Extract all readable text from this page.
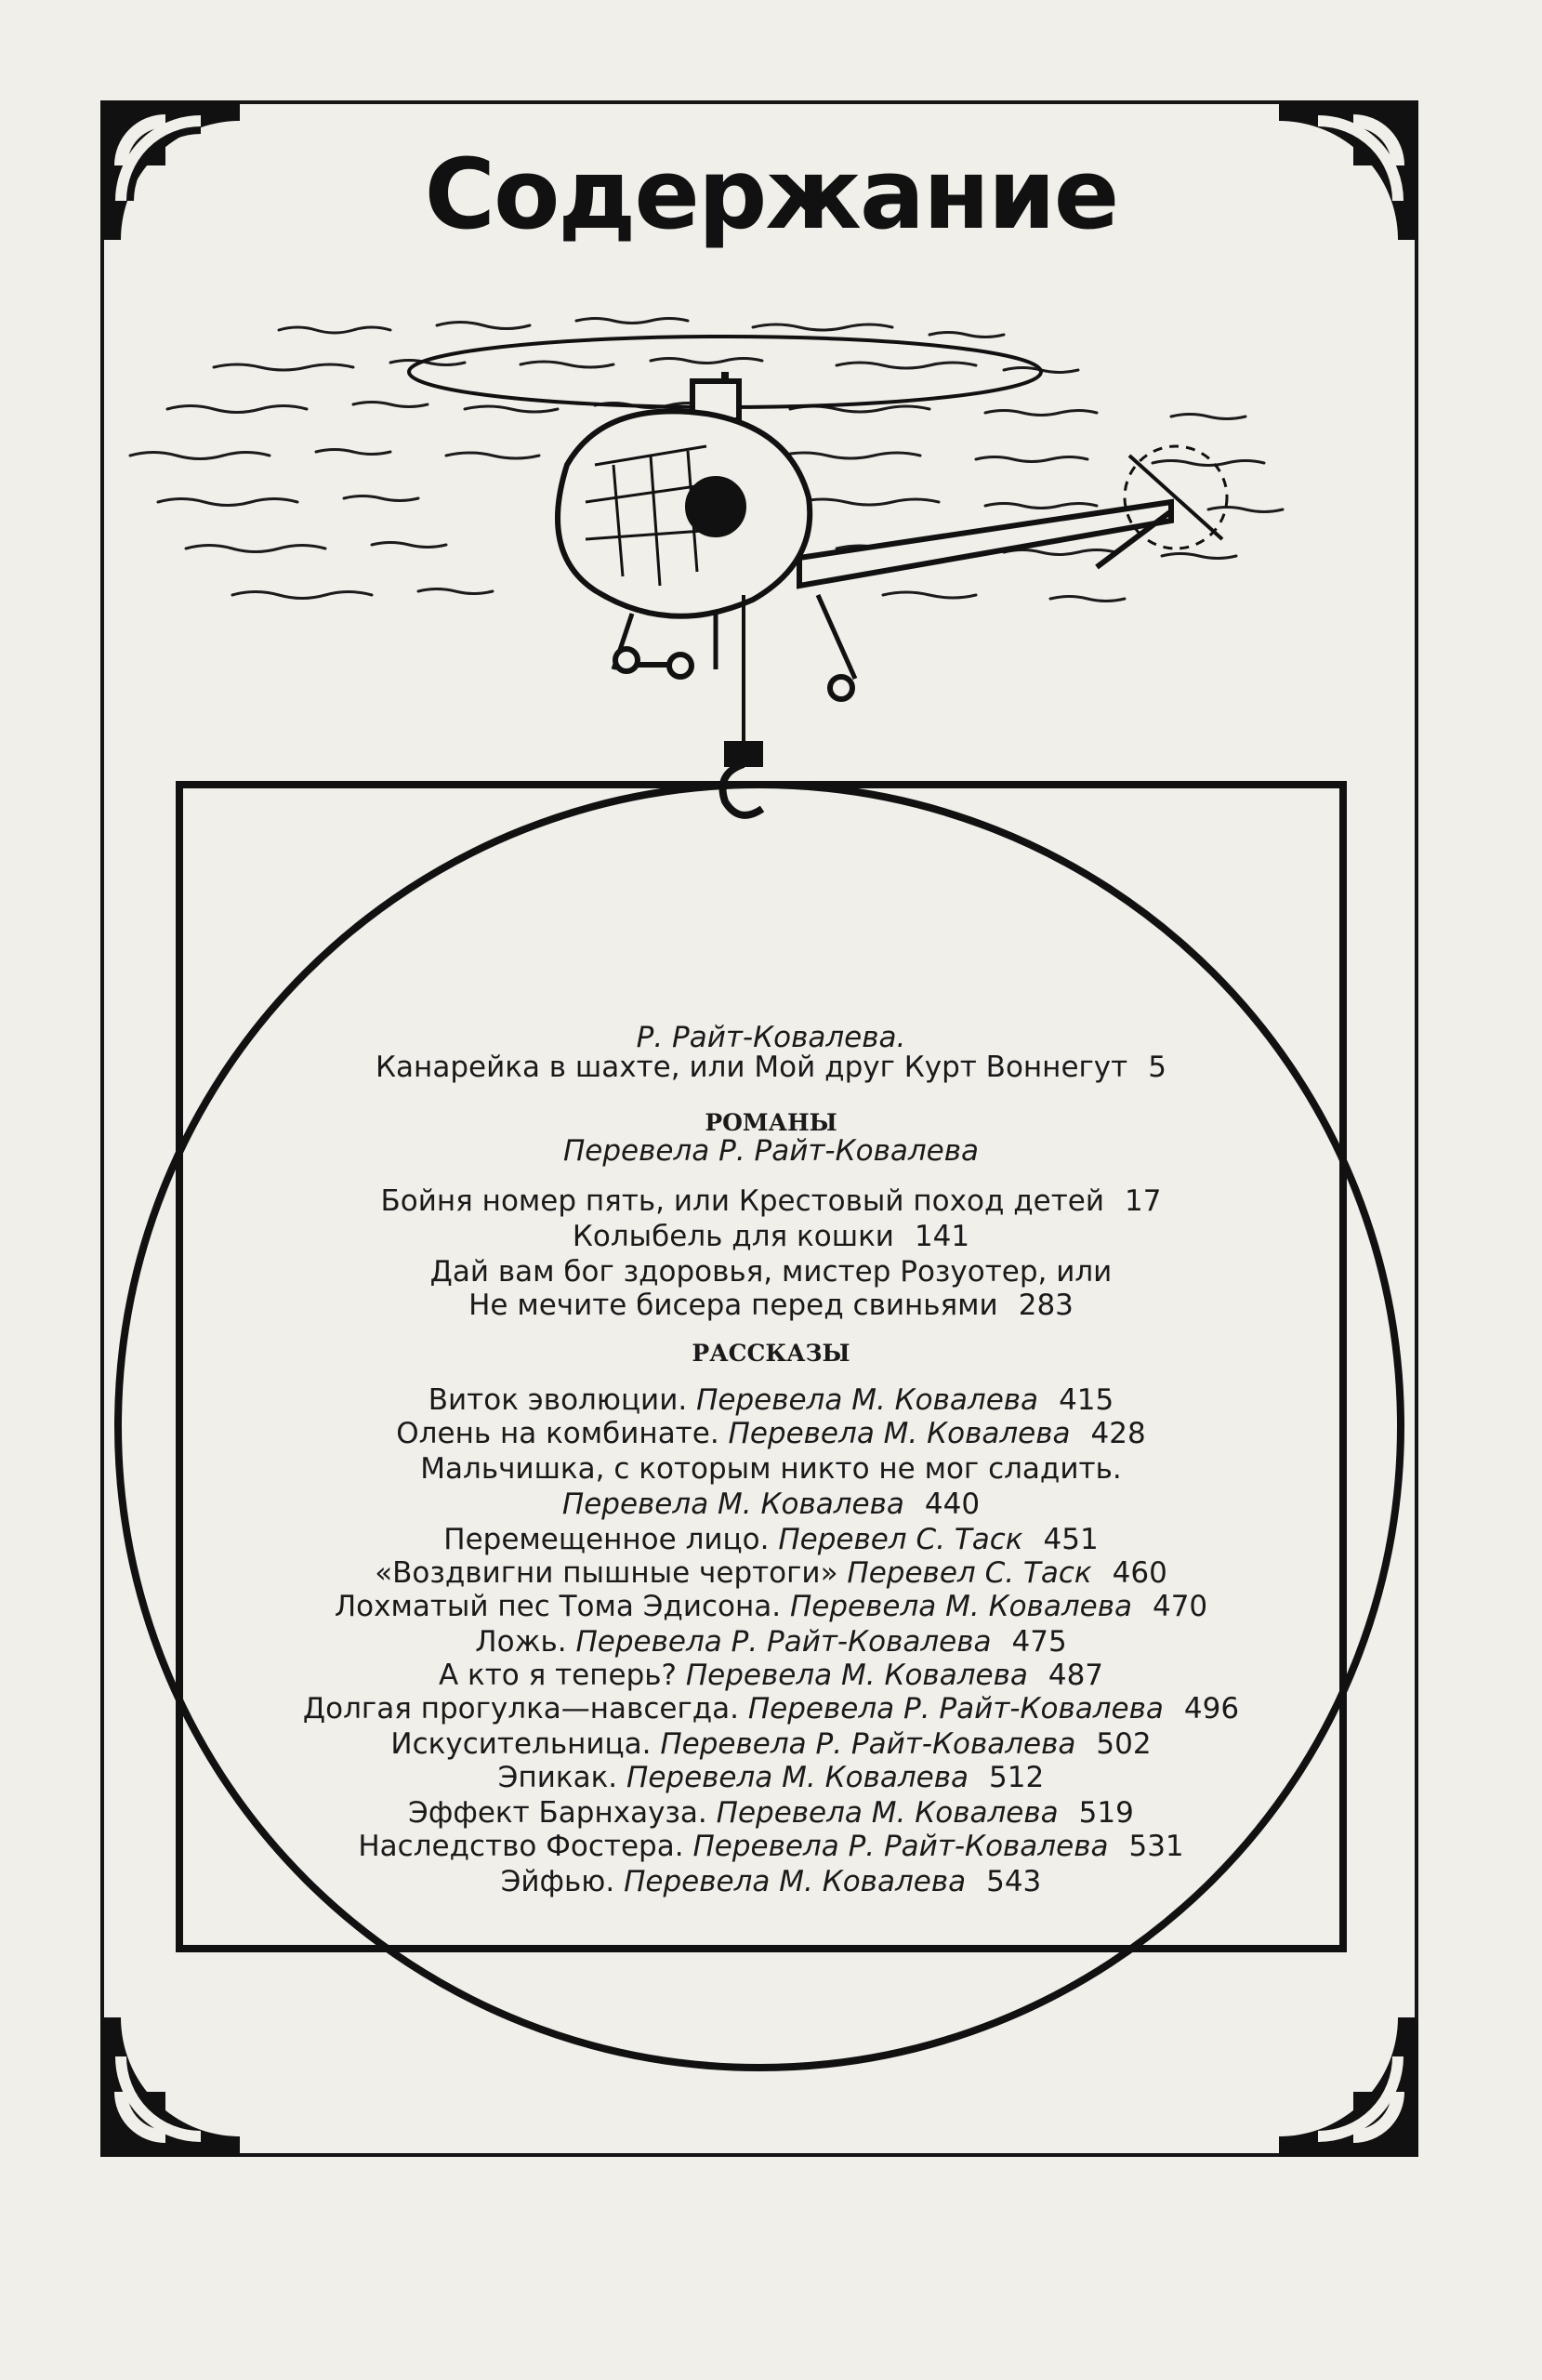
Содержание
Р. Райт-Ковалева.
Канарейка в шахте, или Мой друг Курт Воннегут 5
РОМАНЫ
Перевела Р. Райт-Ковалева
Бойня номер пять, или Крестовый поход детей 17
Колыбель для кошки 141
Дай вам бог здоровья, мистер Розуотер, или
Не мечите бисера перед свиньями 283
РАССКАЗЫ
Виток эволюции. Перевела М. Ковалева 415
Олень на комбинате. Перевела М. Ковалева 428
Мальчишка, с которым никто не мог сладить.
Перевела М. Ковалева 440
Перемещенное лицо. Перевел С. Таск 451
«Воздвигни пышные чертоги» Перевел С. Таск 460
Лохматый пес Тома Эдисона. Перевела М. Ковалева 470
Ложь. Перевела Р. Райт-Ковалева 475
А кто я теперь? Перевела М. Ковалева 487
Долгая прогулка—навсегда. Перевела Р. Райт-Ковалева 496
Искусительница. Перевела Р. Райт-Ковалева 502
Эпикак. Перевела М. Ковалева 512
Эффект Барнхауза. Перевела М. Ковалева 519
Наследство Фостера. Перевела Р. Райт-Ковалева 531
Эйфью. Перевела М. Ковалева 543
